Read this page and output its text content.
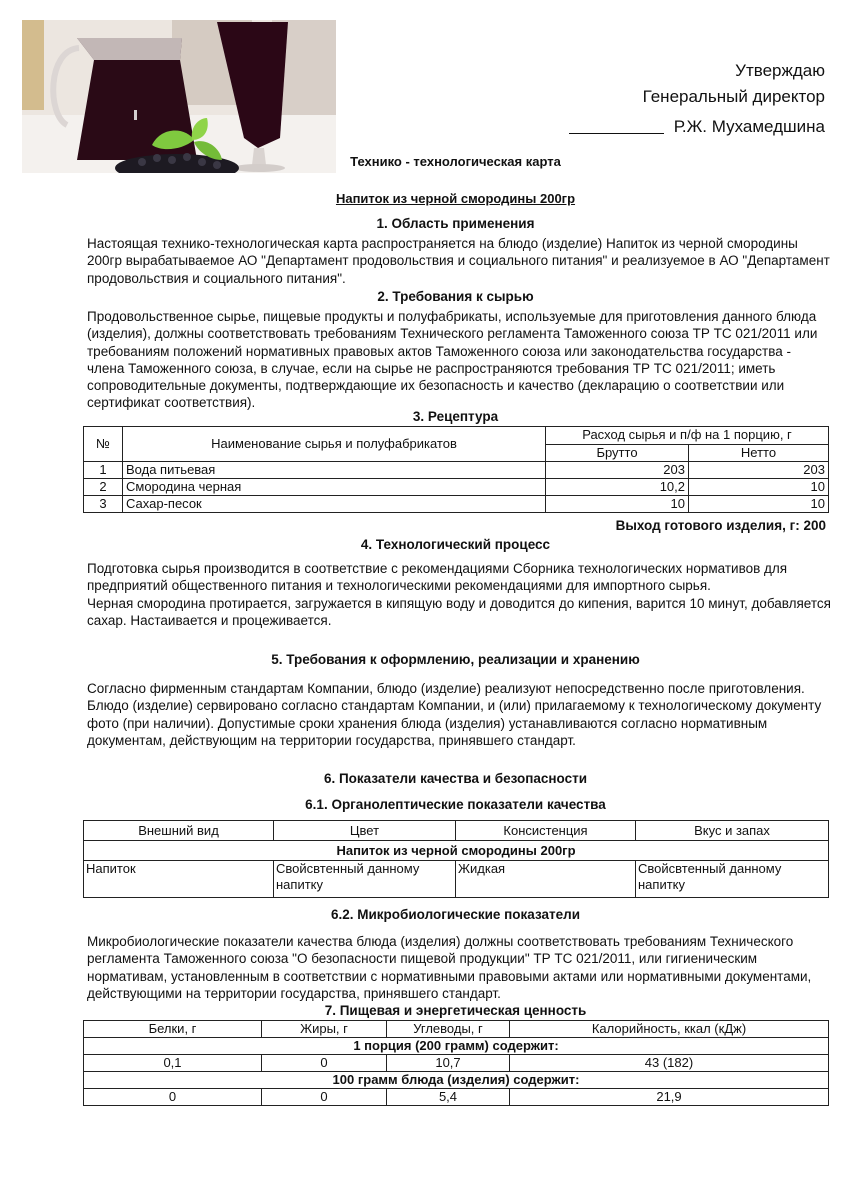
Утверждаю
Генеральный директор
Р.Ж. Мухамедшина
Технико - технологическая карта
Напиток из черной смородины 200гр
1. Область применения
Настоящая технико-технологическая карта распространяется на блюдо (изделие) Напиток из черной смородины 200гр вырабатываемое АО "Департамент продовольствия и социального питания" и реализуемое в АО "Департамент продовольствия и социального питания".
2. Требования к сырью
Продовольственное сырье, пищевые продукты и полуфабрикаты, используемые для приготовления данного блюда (изделия), должны соответствовать требованиям Технического регламента Таможенного союза ТР ТС 021/2011 или требованиям положений нормативных правовых актов Таможенного союза или законодательства государства - члена Таможенного союза, в случае, если на сырье не распространяются требования ТР ТС 021/2011; иметь сопроводительные документы, подтверждающие их безопасность и качество (декларацию о соответствии или сертификат соответствия).
3. Рецептура
№	Наименование сырья и полуфабрикатов	Расход сырья и п/ф на 1 порцию, г	
		Брутто	Нетто
1	Вода питьевая	203	203
2	Смородина черная	10,2	10
3	Сахар-песок	10	10
Выход готового изделия, г: 200
4. Технологический процесс
Подготовка сырья производится в соответствие с рекомендациями Сборника технологических нормативов для предприятий общественного питания и технологическими рекомендациями для импортного сырья.
Черная смородина протирается, загружается в кипящую воду и доводится до кипения, варится 10 минут, добавляется сахар. Настаивается и процеживается.
5. Требования к оформлению, реализации и хранению
Согласно фирменным стандартам Компании, блюдо (изделие) реализуют непосредственно после приготовления. Блюдо (изделие) сервировано согласно стандартам Компании, и (или) прилагаемому к технологическому документу фото (при наличии). Допустимые сроки хранения блюда (изделия) устанавливаются согласно нормативным документам, действующим на территории государства, принявшего стандарт.
6. Показатели качества и безопасности
6.1. Органолептические показатели качества
Внешний вид	Цвет	Консистенция	Вкус и запах
Напиток из черной смородины 200гр			
Напиток	Свойсвтенный данному напитку	Жидкая	Свойсвтенный данному напитку
6.2. Микробиологические показатели
Микробиологические показатели качества блюда (изделия) должны соответствовать требованиям Технического регламента Таможенного союза "О безопасности пищевой продукции" ТР ТС 021/2011, или гигиеническим нормативам, установленным в соответствии с нормативными правовыми актами или нормативными документами, действующими на территории государства, принявшего стандарт.
7. Пищевая и энергетическая ценность
Белки, г	Жиры, г	Углеводы, г	Калорийность, ккал (кДж)
1 порция (200 грамм) содержит:			
0,1	0	10,7	43 (182)
100 грамм блюда (изделия) содержит:			
0	0	5,4	21,9
